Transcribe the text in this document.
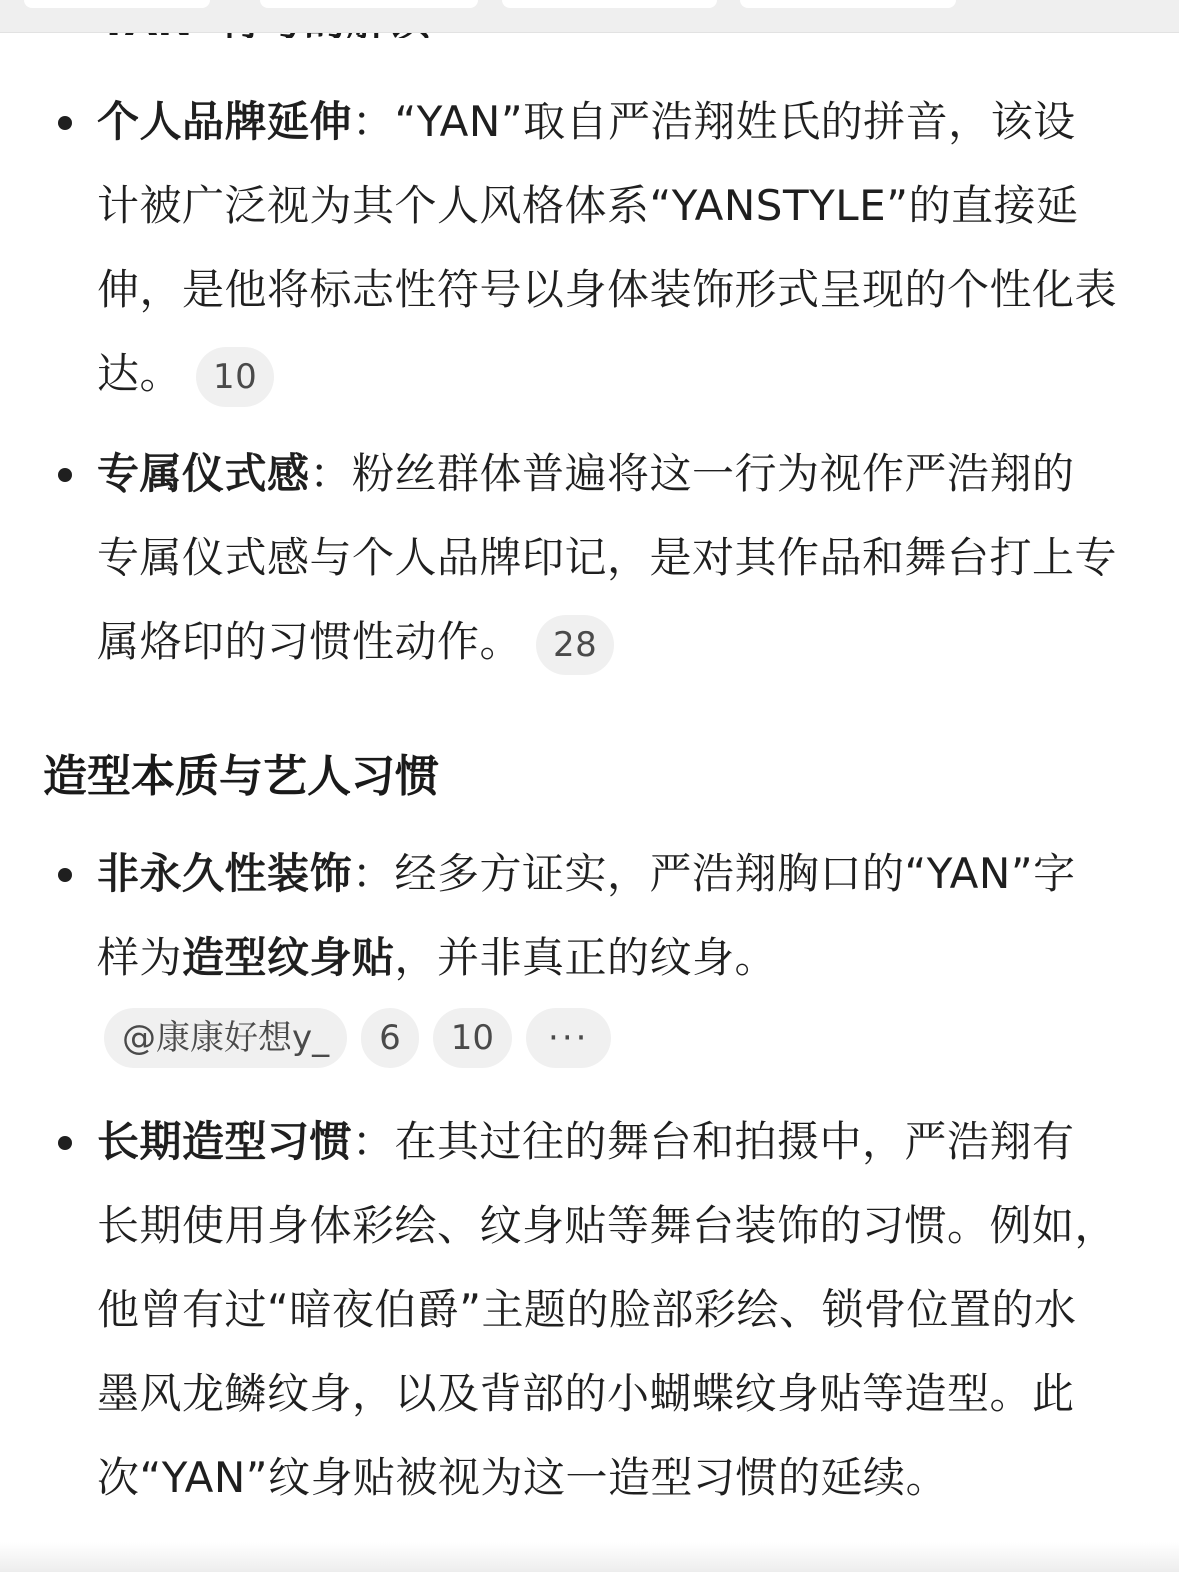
个人品牌延伸：“YAN”取自严浩翔姓氏的拼音，该设计被广泛视为其个人风格体系“YANSTYLE”的直接延伸，是他将标志性符号以身体装饰形式呈现的个性化表达。 10
专属仪式感：粉丝群体普遍将这一行为视作严浩翔的专属仪式感与个人品牌印记，是对其作品和舞台打上专属烙印的习惯性动作。 28
造型本质与艺人习惯
非永久性装饰：经多方证实，严浩翔胸口的“YAN”字样为造型纹身贴，并非真正的纹身。
@康康好想y_ 6 10 ···
长期造型习惯：在其过往的舞台和拍摄中，严浩翔有长期使用身体彩绘、纹身贴等舞台装饰的习惯。例如，他曾有过“暗夜伯爵”主题的脸部彩绘、锁骨位置的水墨风龙鳞纹身，以及背部的小蝴蝶纹身贴等造型。此次“YAN”纹身贴被视为这一造型习惯的延续。
